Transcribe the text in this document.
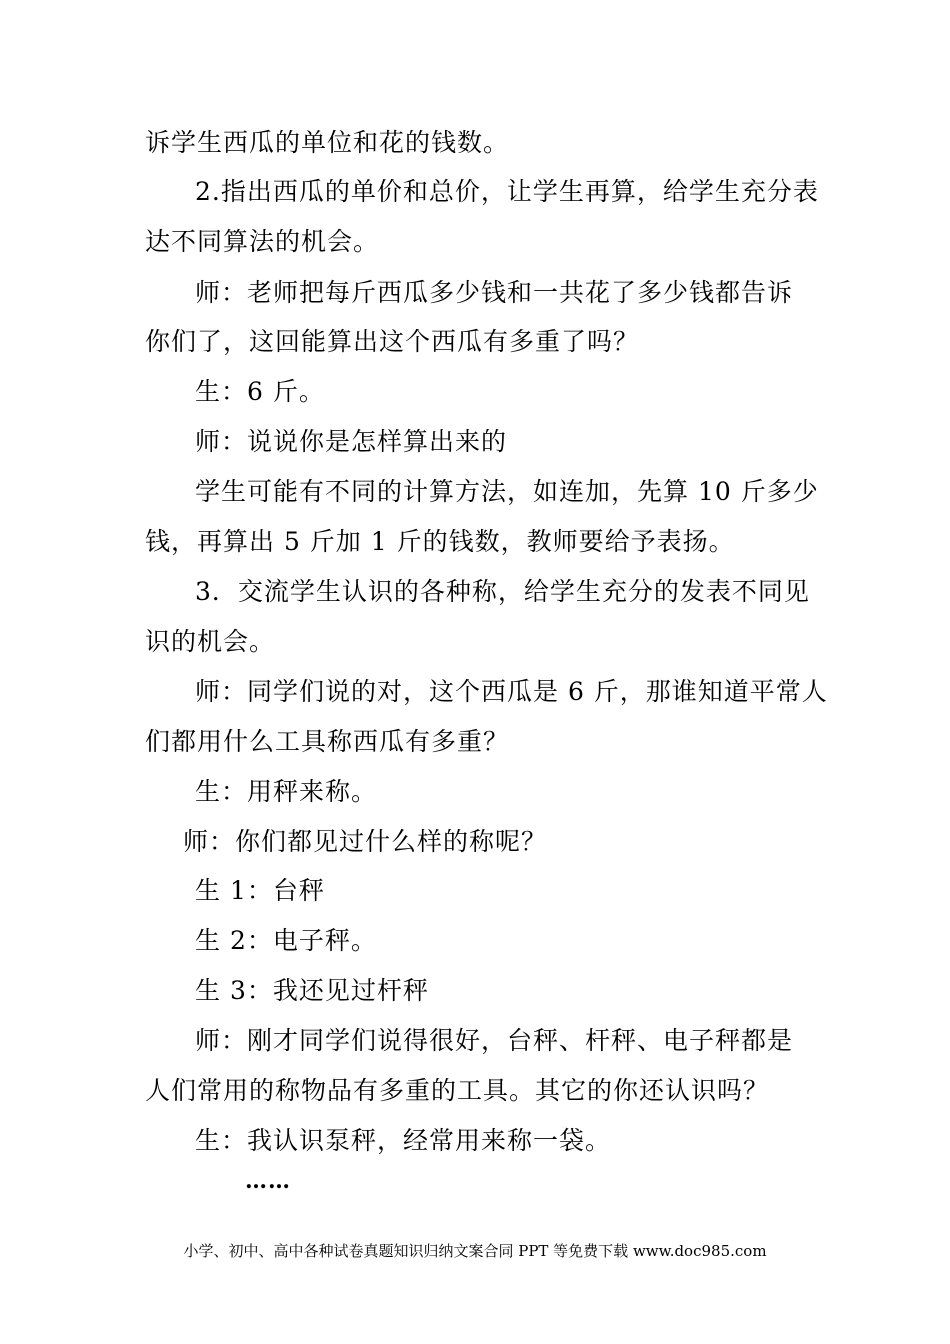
诉学生西瓜的单位和花的钱数。
2.指出西瓜的单价和总价，让学生再算，给学生充分表
达不同算法的机会。
师：老师把每斤西瓜多少钱和一共花了多少钱都告诉
你们了，这回能算出这个西瓜有多重了吗？
生：6 斤。
师：说说你是怎样算出来的
学生可能有不同的计算方法，如连加，先算 10 斤多少
钱，再算出 5 斤加 1 斤的钱数，教师要给予表扬。
3．交流学生认识的各种称，给学生充分的发表不同见
识的机会。
师：同学们说的对，这个西瓜是 6 斤，那谁知道平常人
们都用什么工具称西瓜有多重？
生：用秤来称。
师：你们都见过什么样的称呢？
生 1：台秤
生 2：电子秤。
生 3：我还见过杆秤
师：刚才同学们说得很好，台秤、杆秤、电子秤都是
人们常用的称物品有多重的工具。其它的你还认识吗？
生：我认识泵秤，经常用来称一袋。
……
小学、初中、高中各种试卷真题知识归纳文案合同 PPT 等免费下载 www.doc985.com
